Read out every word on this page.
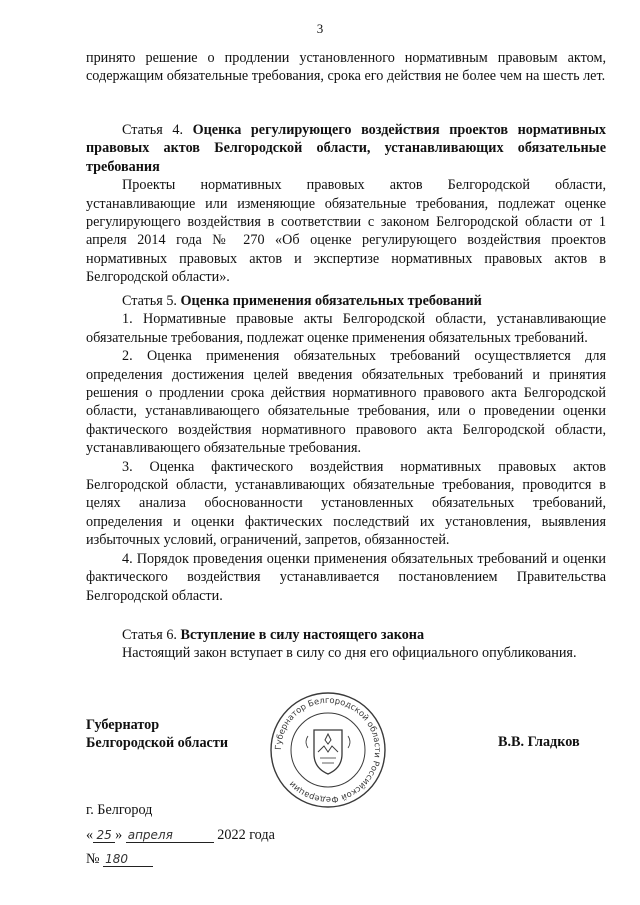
3

принято решение о продлении установленного нормативным правовым актом, содержащим обязательные требования, срока его действия не более чем на шесть лет.

Статья 4. Оценка регулирующего воздействия проектов нормативных правовых актов Белгородской области, устанавливающих обязательные требования

Проекты нормативных правовых актов Белгородской области, устанавливающие или изменяющие обязательные требования, подлежат оценке регулирующего воздействия в соответствии с законом Белгородской области от 1 апреля 2014 года № 270 «Об оценке регулирующего воздействия проектов нормативных правовых актов и экспертизе нормативных правовых актов в Белгородской области».

Статья 5. Оценка применения обязательных требований

1. Нормативные правовые акты Белгородской области, устанавливающие обязательные требования, подлежат оценке применения обязательных требований.

2. Оценка применения обязательных требований осуществляется для определения достижения целей введения обязательных требований и принятия решения о продлении срока действия нормативного правового акта Белгородской области, устанавливающего обязательные требования, или о проведении оценки фактического воздействия нормативного правового акта Белгородской области, устанавливающего обязательные требования.

3. Оценка фактического воздействия нормативных правовых актов Белгородской области, устанавливающих обязательные требования, проводится в целях анализа обоснованности установленных обязательных требований, определения и оценки фактических последствий их установления, выявления избыточных условий, ограничений, запретов, обязанностей.

4. Порядок проведения оценки применения обязательных требований и оценки фактического воздействия устанавливается постановлением Правительства Белгородской области.

Статья 6. Вступление в силу настоящего закона

Настоящий закон вступает в силу со дня его официального опубликования.

Губернатор
Белгородской области	Губернатор Белгородской области Российской Федерации
В.В. Гладков
г. Белгород
« 25 » апреля	2022 года
№ 180
